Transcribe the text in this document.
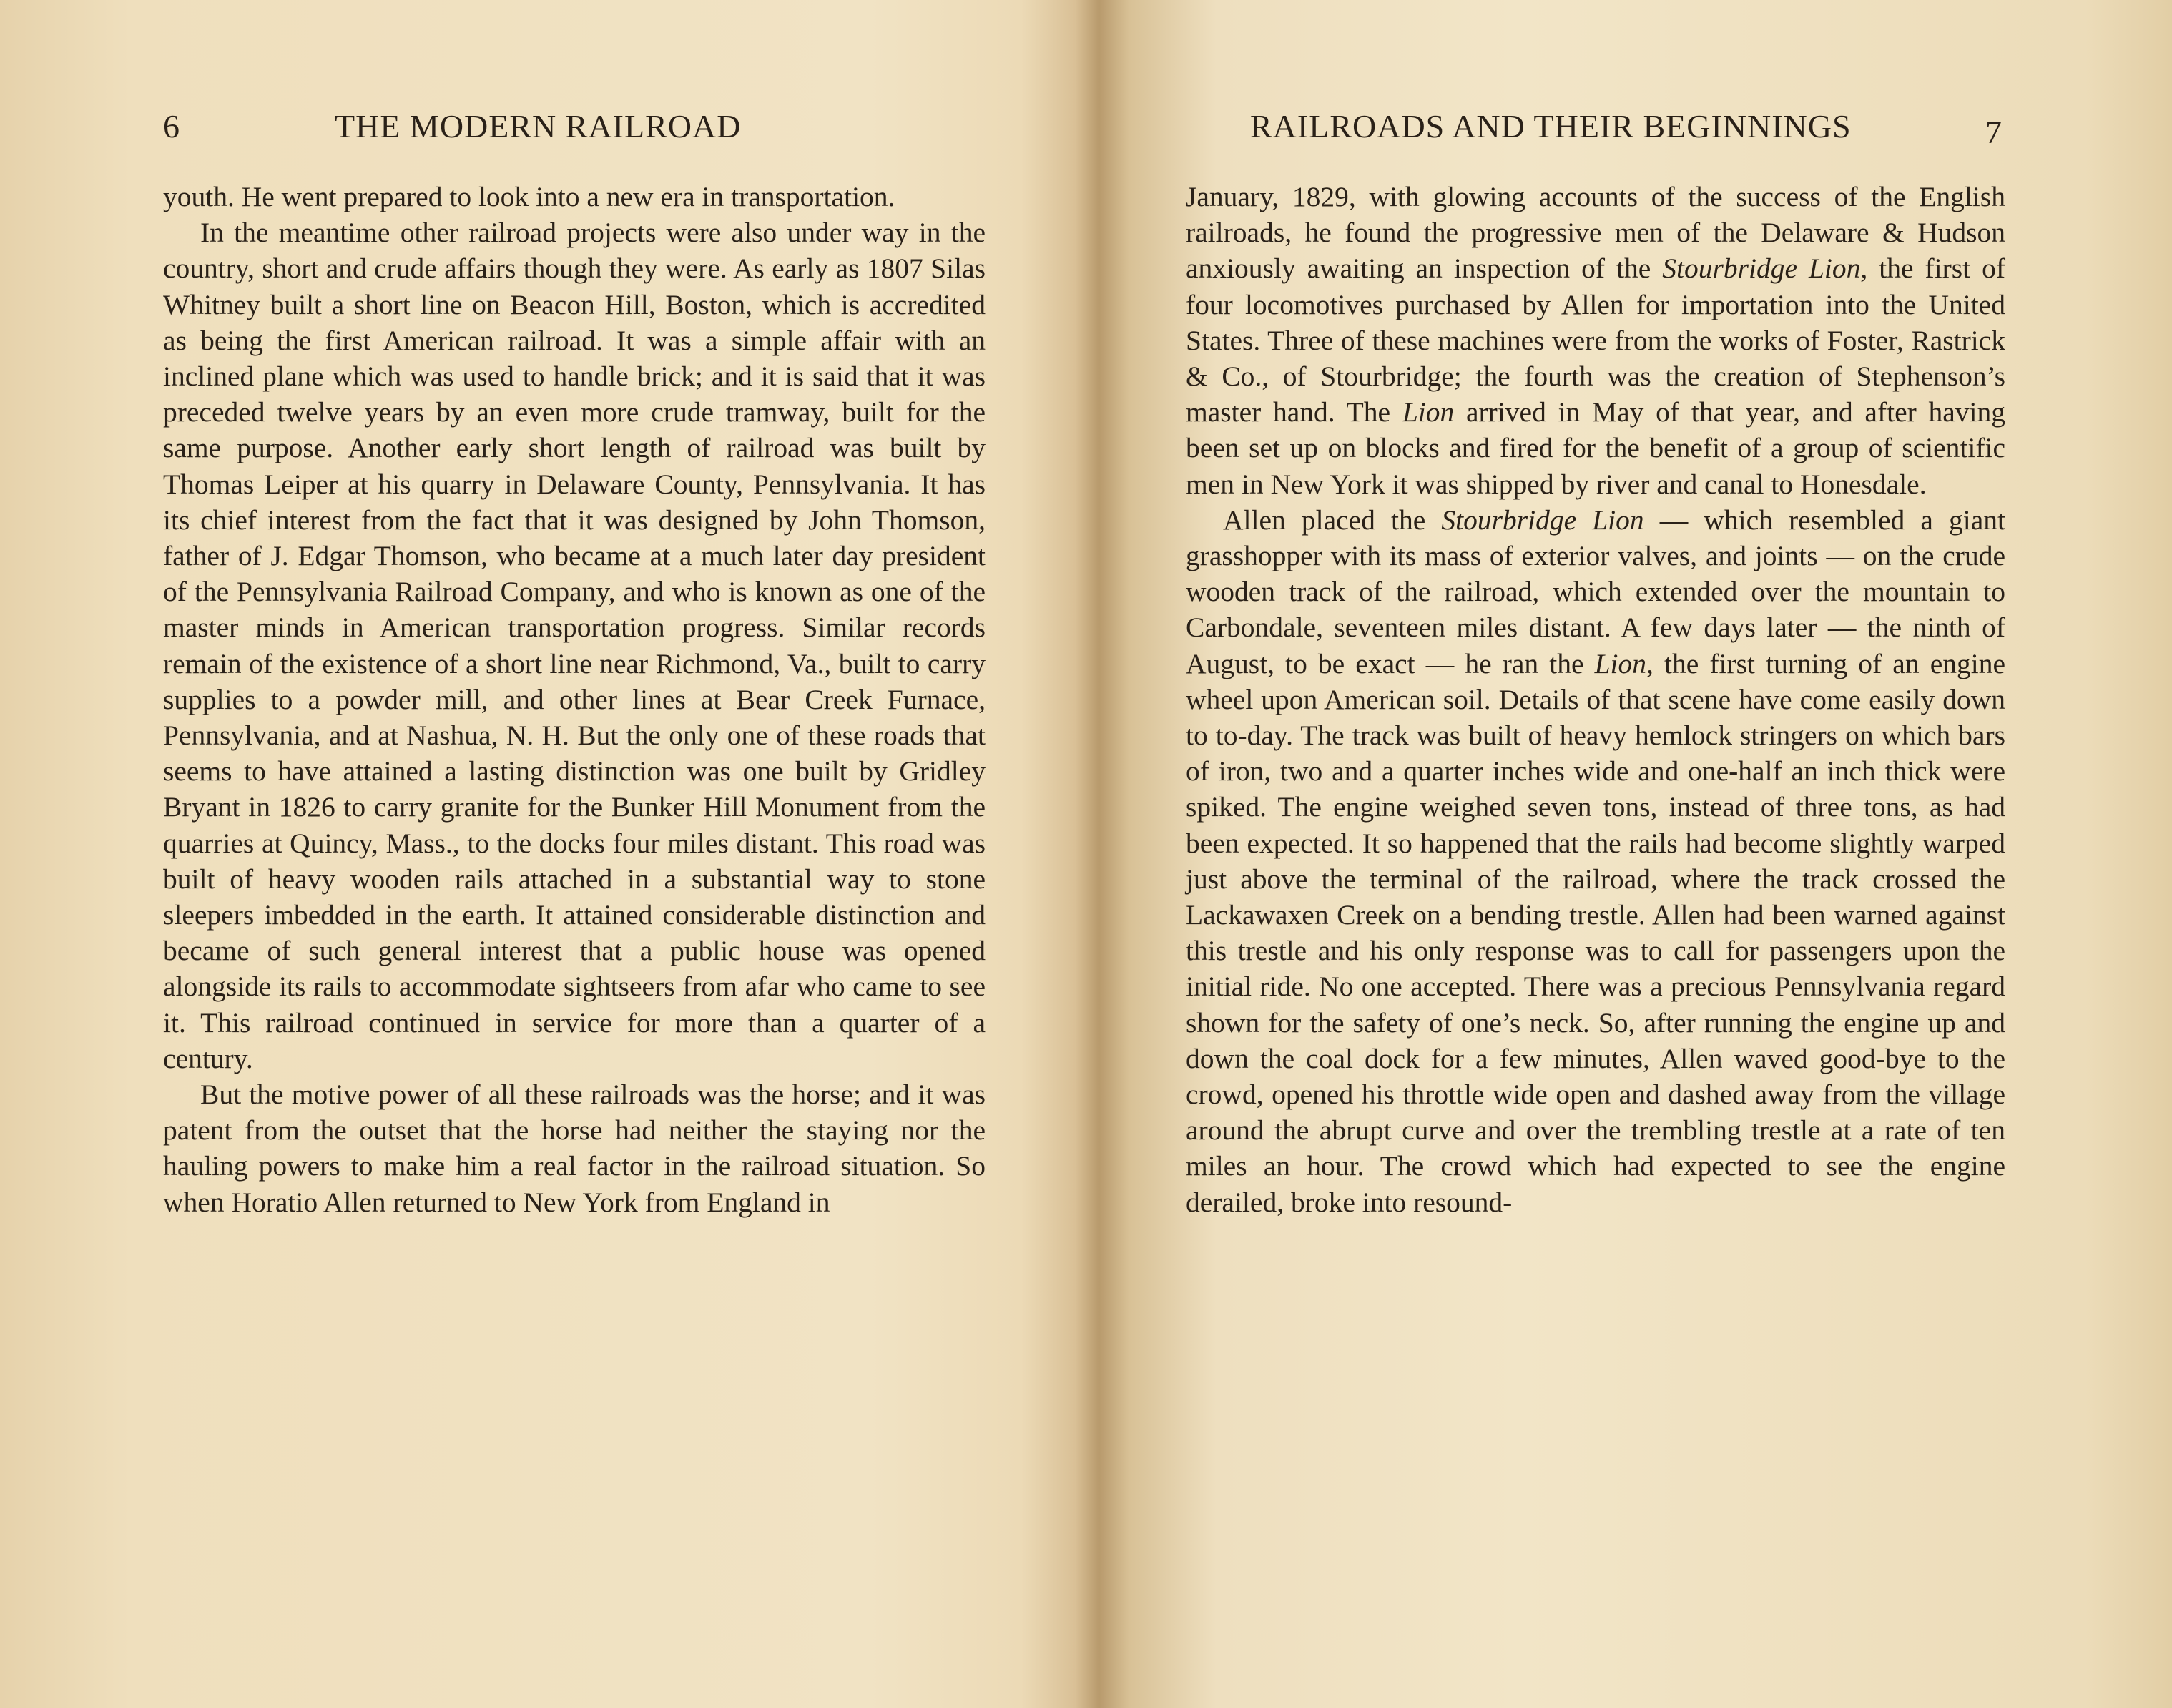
6	THE MODERN RAILROAD

youth. He went prepared to look into a new era in transportation.

In the meantime other railroad projects were also under way in the country, short and crude affairs though they were. As early as 1807 Silas Whitney built a short line on Beacon Hill, Boston, which is accredited as being the first American railroad. It was a simple affair with an inclined plane which was used to handle brick; and it is said that it was preceded twelve years by an even more crude tramway, built for the same purpose. Another early short length of railroad was built by Thomas Leiper at his quarry in Delaware County, Pennsylvania. It has its chief interest from the fact that it was designed by John Thomson, father of J. Edgar Thomson, who became at a much later day president of the Pennsylvania Railroad Company, and who is known as one of the master minds in American transportation progress. Similar records remain of the existence of a short line near Richmond, Va., built to carry supplies to a powder mill, and other lines at Bear Creek Furnace, Pennsylvania, and at Nashua, N. H. But the only one of these roads that seems to have attained a lasting distinction was one built by Gridley Bryant in 1826 to carry granite for the Bunker Hill Monument from the quarries at Quincy, Mass., to the docks four miles distant. This road was built of heavy wooden rails attached in a substantial way to stone sleepers imbedded in the earth. It attained considerable distinction and became of such general interest that a public house was opened alongside its rails to accommodate sightseers from afar who came to see it. This railroad continued in service for more than a quarter of a century.

But the motive power of all these railroads was the horse; and it was patent from the outset that the horse had neither the staying nor the hauling powers to make him a real factor in the railroad situation. So when Horatio Allen returned to New York from England in

RAILROADS AND THEIR BEGINNINGS	7

January, 1829, with glowing accounts of the success of the English railroads, he found the progressive men of the Delaware & Hudson anxiously awaiting an inspection of the Stourbridge Lion, the first of four locomotives purchased by Allen for importation into the United States. Three of these machines were from the works of Foster, Rastrick & Co., of Stourbridge; the fourth was the creation of Stephenson’s master hand. The Lion arrived in May of that year, and after having been set up on blocks and fired for the benefit of a group of scientific men in New York it was shipped by river and canal to Honesdale.

Allen placed the Stourbridge Lion — which resembled a giant grasshopper with its mass of exterior valves, and joints — on the crude wooden track of the railroad, which extended over the mountain to Carbondale, seventeen miles distant. A few days later — the ninth of August, to be exact — he ran the Lion, the first turning of an engine wheel upon American soil. Details of that scene have come easily down to to-day. The track was built of heavy hemlock stringers on which bars of iron, two and a quarter inches wide and one-half an inch thick were spiked. The engine weighed seven tons, instead of three tons, as had been expected. It so happened that the rails had become slightly warped just above the terminal of the railroad, where the track crossed the Lackawaxen Creek on a bending trestle. Allen had been warned against this trestle and his only response was to call for passengers upon the initial ride. No one accepted. There was a precious Pennsylvania regard shown for the safety of one’s neck. So, after running the engine up and down the coal dock for a few minutes, Allen waved good-bye to the crowd, opened his throttle wide open and dashed away from the village around the abrupt curve and over the trembling trestle at a rate of ten miles an hour. The crowd which had expected to see the engine derailed, broke into resound-
